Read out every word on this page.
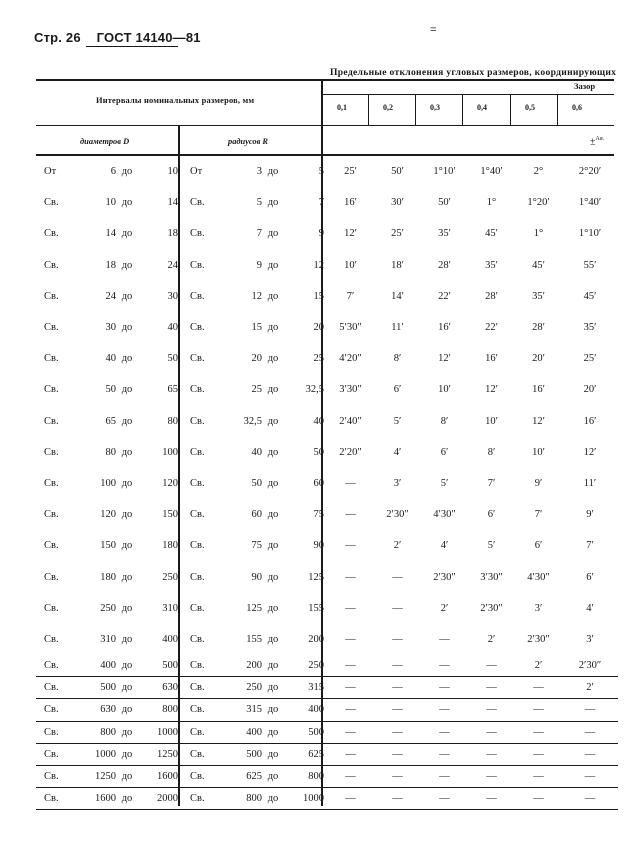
Стр. 26 ГОСТ 14140—81	=
Предельные отклонения угловых размеров, координирующих
Зазор
Интервалы номинальных размеров, мм
0,1	0,2	0,3	0,4	0,5	0,6
диаметров D	радиусов R	±$^{Ая.}$
От	6	до	10		От	3	до	5		25′	50′	1°10′	1°40′	2°	2°20′
Св.	10	до	14		Св.	5	до	7		16′	30′	50′	1°	1°20′	1°40′
Св.	14	до	18		Св.	7	до	9		12′	25′	35′	45′	1°	1°10′
Св.	18	до	24		Св.	9	до	12		10′	18′	28′	35′	45′	55′
Св.	24	до	30		Св.	12	до	15		7′	14′	22′	28′	35′	45′
Св.	30	до	40		Св.	15	до	20		5′30″	11′	16′	22′	28′	35′
Св.	40	до	50		Св.	20	до	25		4′20″	8′	12′	16′	20′	25′
Св.	50	до	65		Св.	25	до	32,5		3′30″	6′	10′	12′	16′	20′
Св.	65	до	80		Св.	32,5	до	40		2′40″	5′	8′	10′	12′	16′
Св.	80	до	100		Св.	40	до	50		2′20″	4′	6′	8′	10′	12′
Св.	100	до	120		Св.	50	до	60		—	3′	5′	7′	9′	11′
Св.	120	до	150		Св.	60	до	75		—	2′30″	4′30″	6′	7′	9′
Св.	150	до	180		Св.	75	до	90		—	2′	4′	5′	6′	7′
Св.	180	до	250		Св.	90	до	125		—	—	2′30″	3′30″	4′30″	6′
Св.	250	до	310		Св.	125	до	155		—	—	2′	2′30″	3′	4′
Св.	310	до	400		Св.	155	до	200		—	—	—	2′	2′30″	3′
Св.	400	до	500		Св.	200	до	250		—	—	—	—	2′	2′30″
Св.	500	до	630		Св.	250	до	315		—	—	—	—	—	2′
Св.	630	до	800		Св.	315	до	400		—	—	—	—	—	—
Св.	800	до	1000		Св.	400	до	500		—	—	—	—	—	—
Св.	1000	до	1250		Св.	500	до	625		—	—	—	—	—	—
Св.	1250	до	1600		Св.	625	до	800		—	—	—	—	—	—
Св.	1600	до	2000		Св.	800	до	1000		—	—	—	—	—	—
